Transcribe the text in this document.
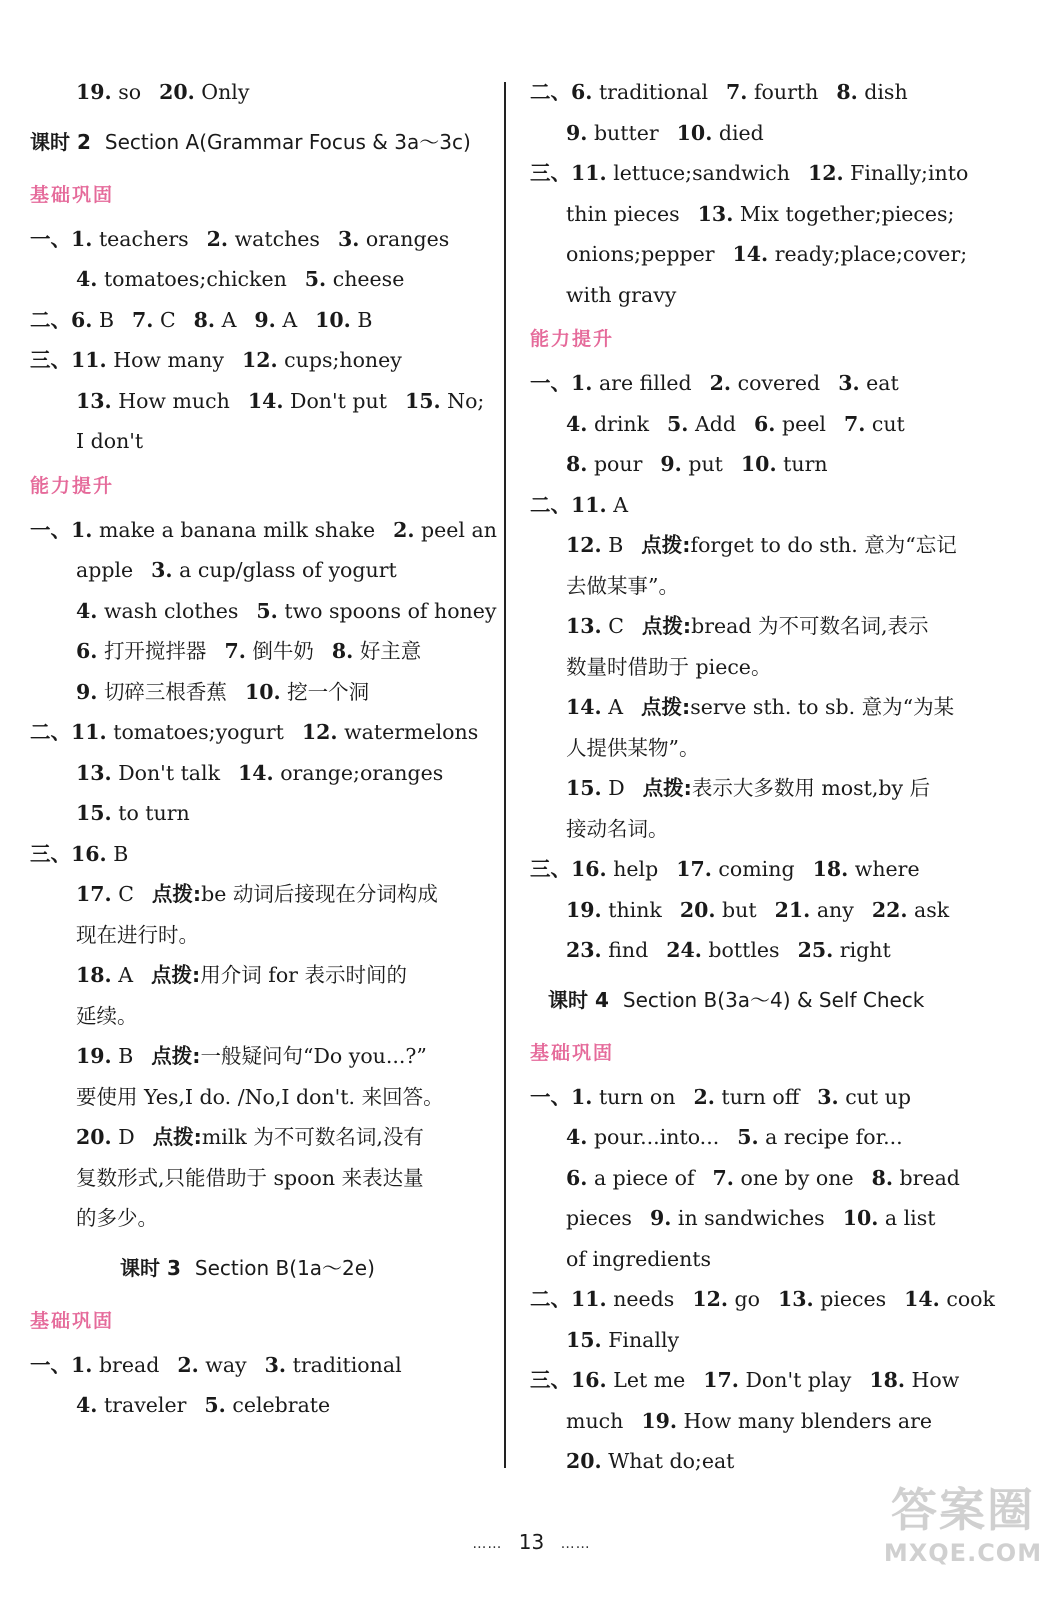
19. so 20. Only
课时 2 Section A(Grammar Focus & 3a～3c)
基础巩固
一、1. teachers 2. watches 3. oranges
4. tomatoes;chicken 5. cheese
二、6. B 7. C 8. A 9. A 10. B
三、11. How many 12. cups;honey
13. How much 14. Don't put 15. No;
I don't
能力提升
一、1. make a banana milk shake 2. peel an
apple 3. a cup/glass of yogurt
4. wash clothes 5. two spoons of honey
6. 打开搅拌器 7. 倒牛奶 8. 好主意
9. 切碎三根香蕉 10. 挖一个洞
二、11. tomatoes;yogurt 12. watermelons
13. Don't talk 14. orange;oranges
15. to turn
三、16. B
17. C 点拨:be 动词后接现在分词构成
现在进行时。
18. A 点拨:用介词 for 表示时间的
延续。
19. B 点拨:一般疑问句“Do you...?”
要使用 Yes,I do. /No,I don't. 来回答。
20. D 点拨:milk 为不可数名词,没有
复数形式,只能借助于 spoon 来表达量
的多少。
课时 3 Section B(1a～2e)
基础巩固
一、1. bread 2. way 3. traditional
4. traveler 5. celebrate
二、6. traditional 7. fourth 8. dish
9. butter 10. died
三、11. lettuce;sandwich 12. Finally;into
thin pieces 13. Mix together;pieces;
onions;pepper 14. ready;place;cover;
with gravy
能力提升
一、1. are filled 2. covered 3. eat
4. drink 5. Add 6. peel 7. cut
8. pour 9. put 10. turn
二、11. A
12. B 点拨:forget to do sth. 意为“忘记
去做某事”。
13. C 点拨:bread 为不可数名词,表示
数量时借助于 piece。
14. A 点拨:serve sth. to sb. 意为“为某
人提供某物”。
15. D 点拨:表示大多数用 most,by 后
接动名词。
三、16. help 17. coming 18. where
19. think 20. but 21. any 22. ask
23. find 24. bottles 25. right
课时 4 Section B(3a～4) & Self Check
基础巩固
一、1. turn on 2. turn off 3. cut up
4. pour...into... 5. a recipe for...
6. a piece of 7. one by one 8. bread
pieces 9. in sandwiches 10. a list
of ingredients
二、11. needs 12. go 13. pieces 14. cook
15. Finally
三、16. Let me 17. Don't play 18. How
much 19. How many blenders are
20. What do;eat
…… 13 ……
答案圈
MXQE.COM
